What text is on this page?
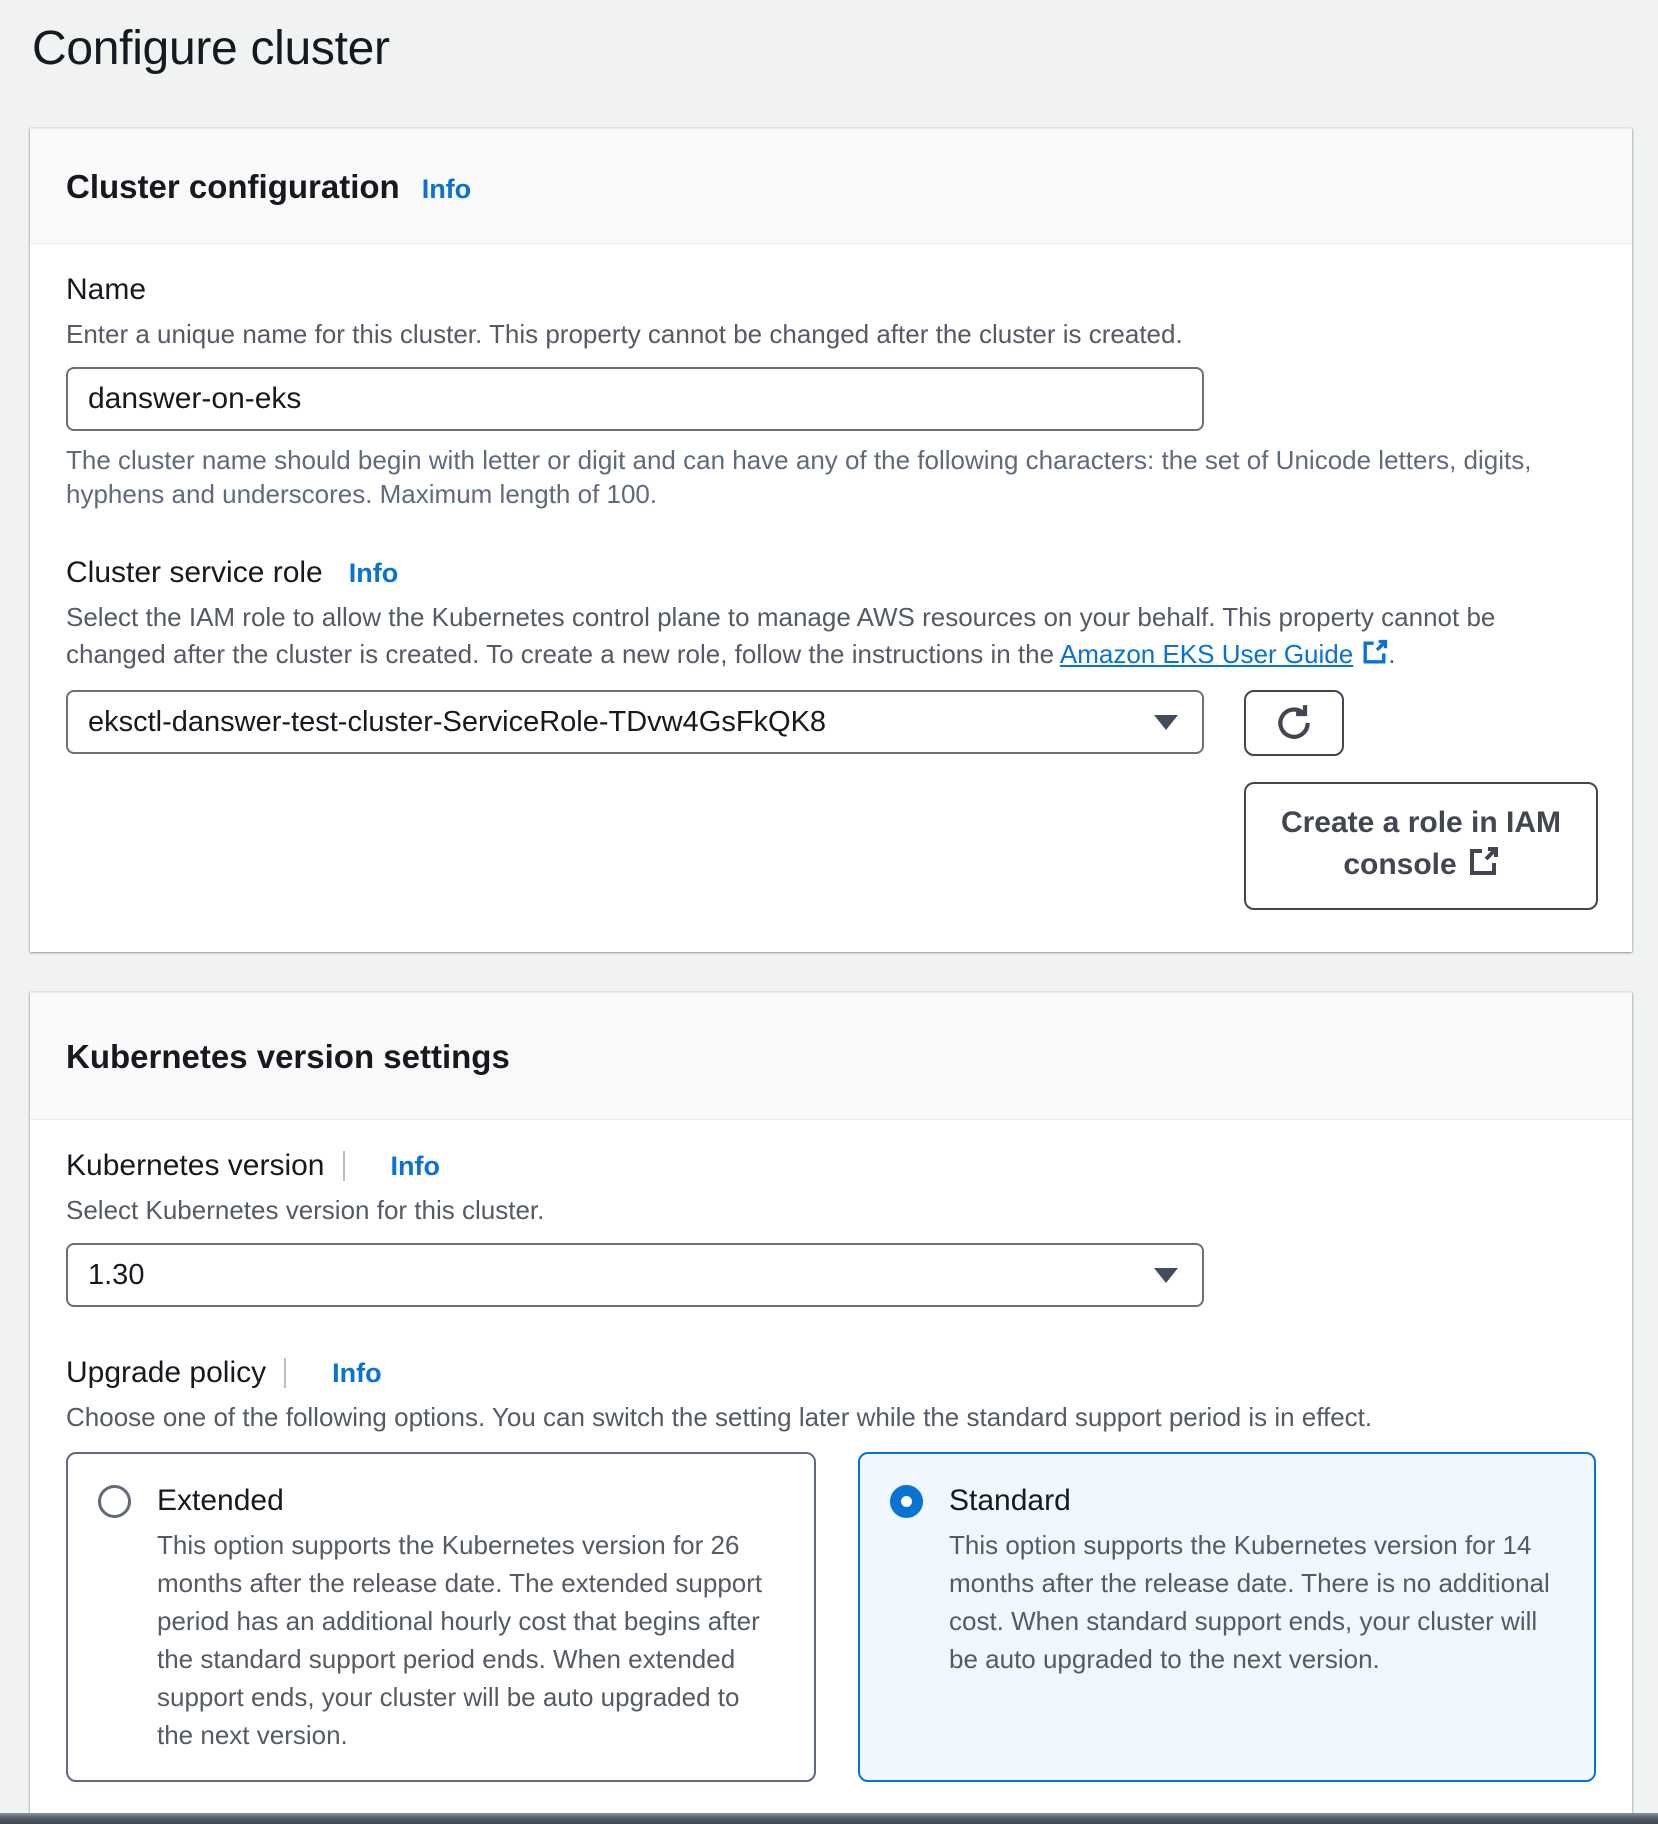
Configure cluster
Cluster configuration Info
Name
Enter a unique name for this cluster. This property cannot be changed after the cluster is created.
danswer-on-eks
The cluster name should begin with letter or digit and can have any of the following characters: the set of Unicode letters, digits, hyphens and underscores. Maximum length of 100.
Cluster service role Info
Select the IAM role to allow the Kubernetes control plane to manage AWS resources on your behalf. This property cannot be changed after the cluster is created. To create a new role, follow the instructions in the Amazon EKS User Guide .
eksctl-danswer-test-cluster-ServiceRole-TDvw4GsFkQK8
Create a role in IAM console
Kubernetes version settings
Kubernetes version Info
Select Kubernetes version for this cluster.
1.30
Upgrade policy Info
Choose one of the following options. You can switch the setting later while the standard support period is in effect.
Extended
This option supports the Kubernetes version for 26 months after the release date. The extended support period has an additional hourly cost that begins after the standard support period ends. When extended support ends, your cluster will be auto upgraded to the next version.
Standard
This option supports the Kubernetes version for 14 months after the release date. There is no additional cost. When standard support ends, your cluster will be auto upgraded to the next version.
